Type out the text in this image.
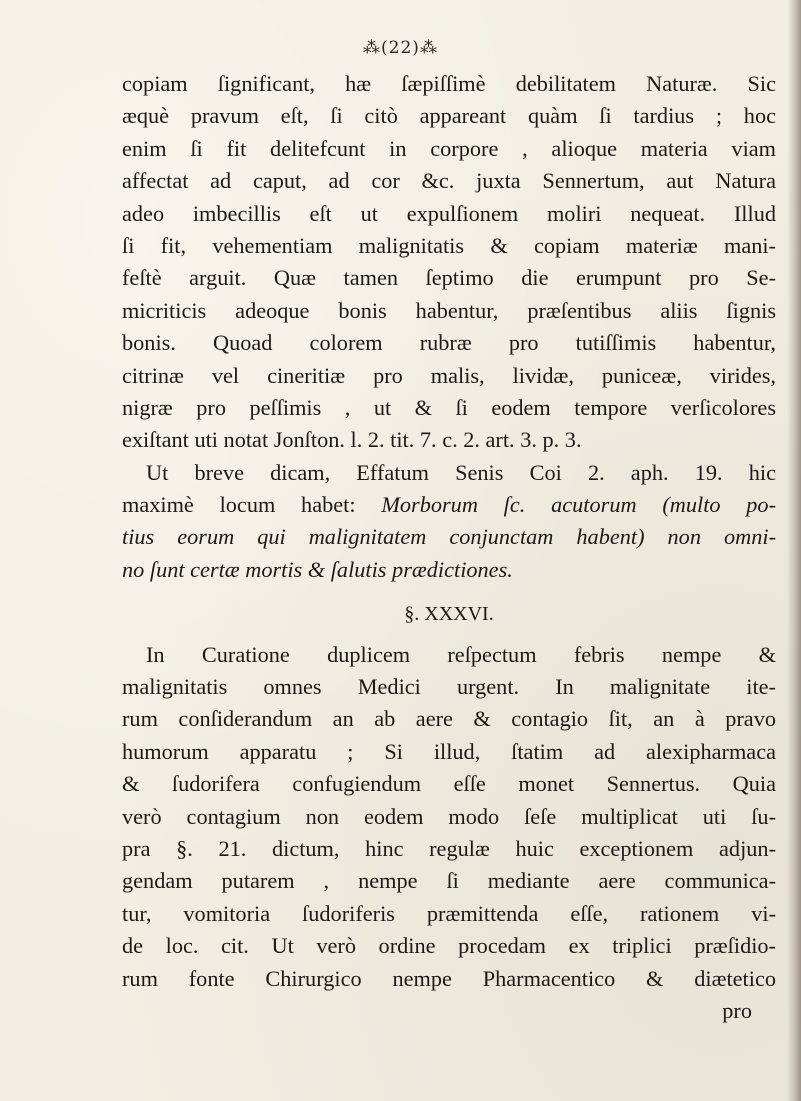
⁂(22)⁂
copiam ſignificant, hæ ſæpiſſimè debilitatem Naturæ. Sic
æquè pravum eſt, ſi citò appareant quàm ſi tardius ; hoc
enim ſi fit delitefcunt in corpore , alioque materia viam
affectat ad caput, ad cor &c. juxta Sennertum, aut Natura
adeo imbecillis eſt ut expulſionem moliri nequeat. Illud
ſi fit, vehementiam malignitatis & copiam materiæ mani-
feſtè arguit. Quæ tamen ſeptimo die erumpunt pro Se-
micriticis adeoque bonis habentur, præſentibus aliis ſignis
bonis. Quoad colorem rubræ pro tutiſſimis habentur,
citrinæ vel cineritiæ pro malis, lividæ, puniceæ, virides,
nigræ pro peſſimis , ut & ſi eodem tempore verſicolores
exiſtant uti notat Jonſton. l. 2. tit. 7. c. 2. art. 3. p. 3.
Ut breve dicam, Effatum Senis Coi 2. aph. 19. hic
maximè locum habet: Morborum ſc. acutorum (multo po-
tius eorum qui malignitatem conjunctam habent) non omni-
no ſunt certæ mortis & ſalutis prædictiones.
§. XXXVI.
In Curatione duplicem reſpectum febris nempe &
malignitatis omnes Medici urgent. In malignitate ite-
rum conſiderandum an ab aere & contagio ſit, an à pravo
humorum apparatu ; Si illud, ſtatim ad alexipharmaca
& ſudorifera confugiendum eſſe monet Sennertus. Quia
verò contagium non eodem modo ſeſe multiplicat uti ſu-
pra §. 21. dictum, hinc regulæ huic exceptionem adjun-
gendam putarem , nempe ſi mediante aere communica-
tur, vomitoria ſudoriferis præmittenda eſſe, rationem vi-
de loc. cit. Ut verò ordine procedam ex triplici præſidio-
rum fonte Chirurgico nempe Pharmacentico & diætetico
pro
